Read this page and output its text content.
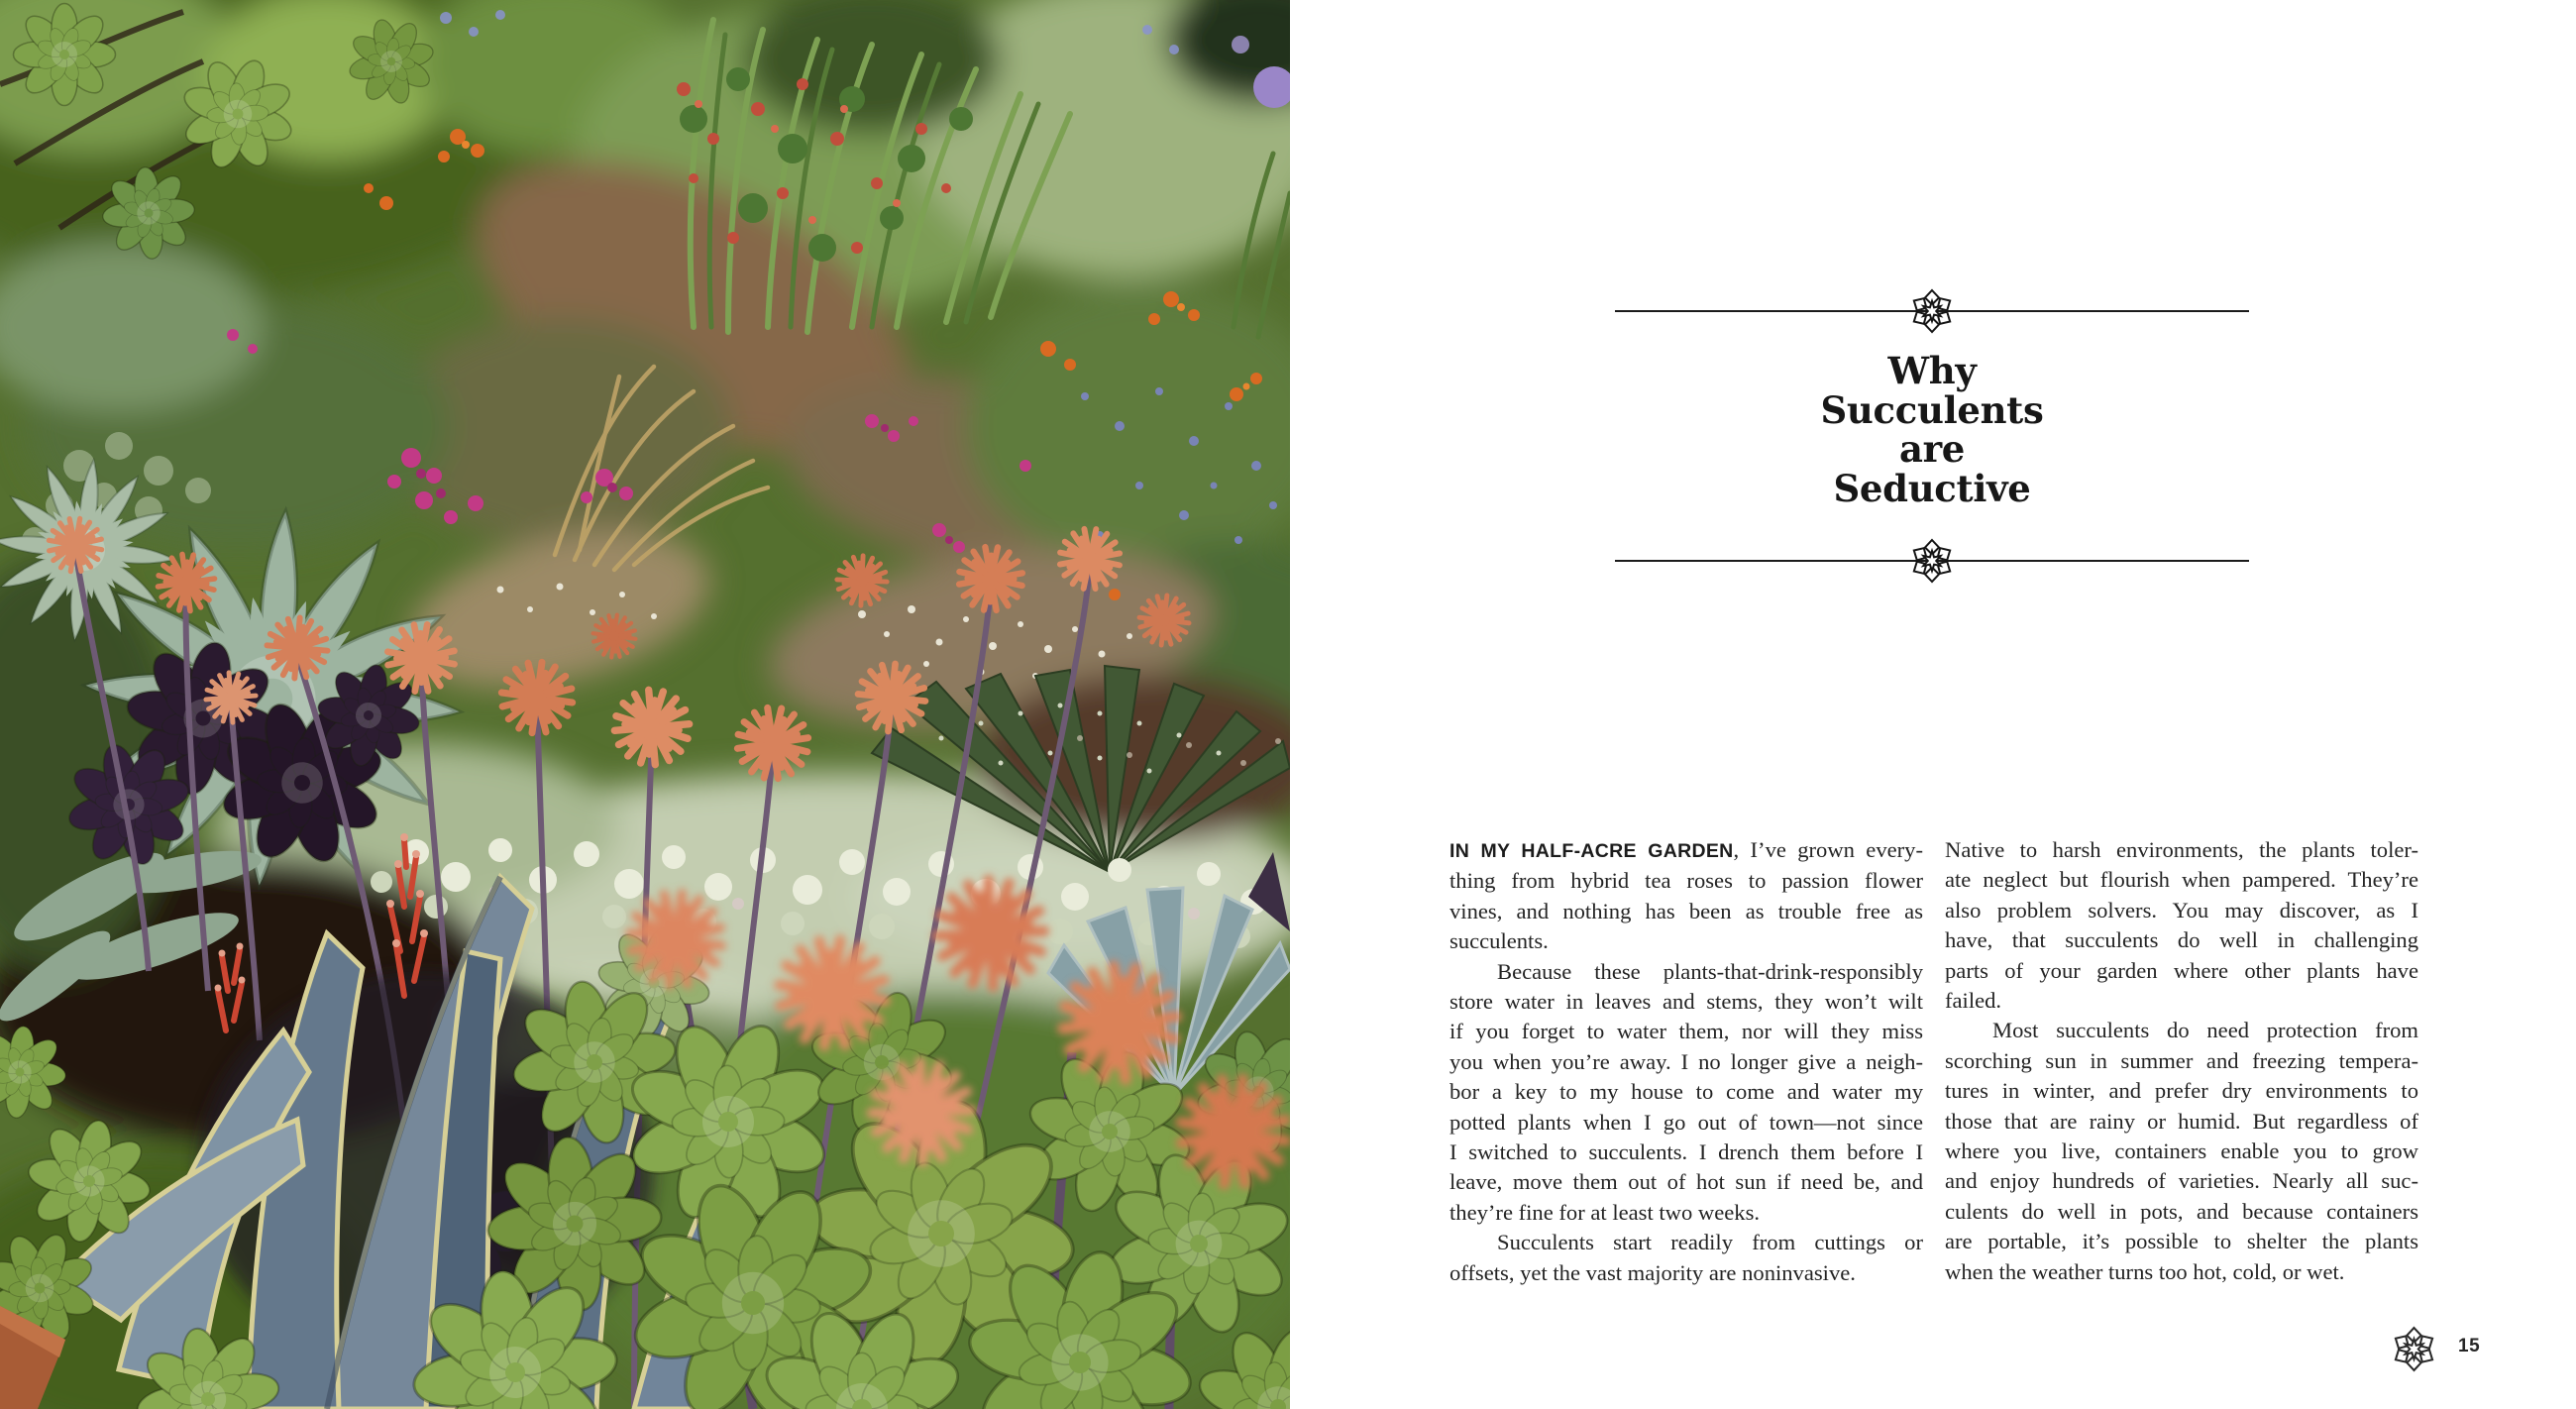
Why
Succulents
are
Seductive
IN MY HALF-ACRE GARDEN, I’ve grown every-
thing from hybrid tea roses to passion flower
vines, and nothing has been as trouble free as
succulents.
Because these plants-that-drink-responsibly
store water in leaves and stems, they won’t wilt
if you forget to water them, nor will they miss
you when you’re away. I no longer give a neigh-
bor a key to my house to come and water my
potted plants when I go out of town—not since
I switched to succulents. I drench them before I
leave, move them out of hot sun if need be, and
they’re fine for at least two weeks.
Succulents start readily from cuttings or
offsets, yet the vast majority are noninvasive.
Native to harsh environments, the plants toler-
ate neglect but flourish when pampered. They’re
also problem solvers. You may discover, as I
have, that succulents do well in challenging
parts of your garden where other plants have
failed.
Most succulents do need protection from
scorching sun in summer and freezing tempera-
tures in winter, and prefer dry environments to
those that are rainy or humid. But regardless of
where you live, containers enable you to grow
and enjoy hundreds of varieties. Nearly all suc-
culents do well in pots, and because containers
are portable, it’s possible to shelter the plants
when the weather turns too hot, cold, or wet.
15
